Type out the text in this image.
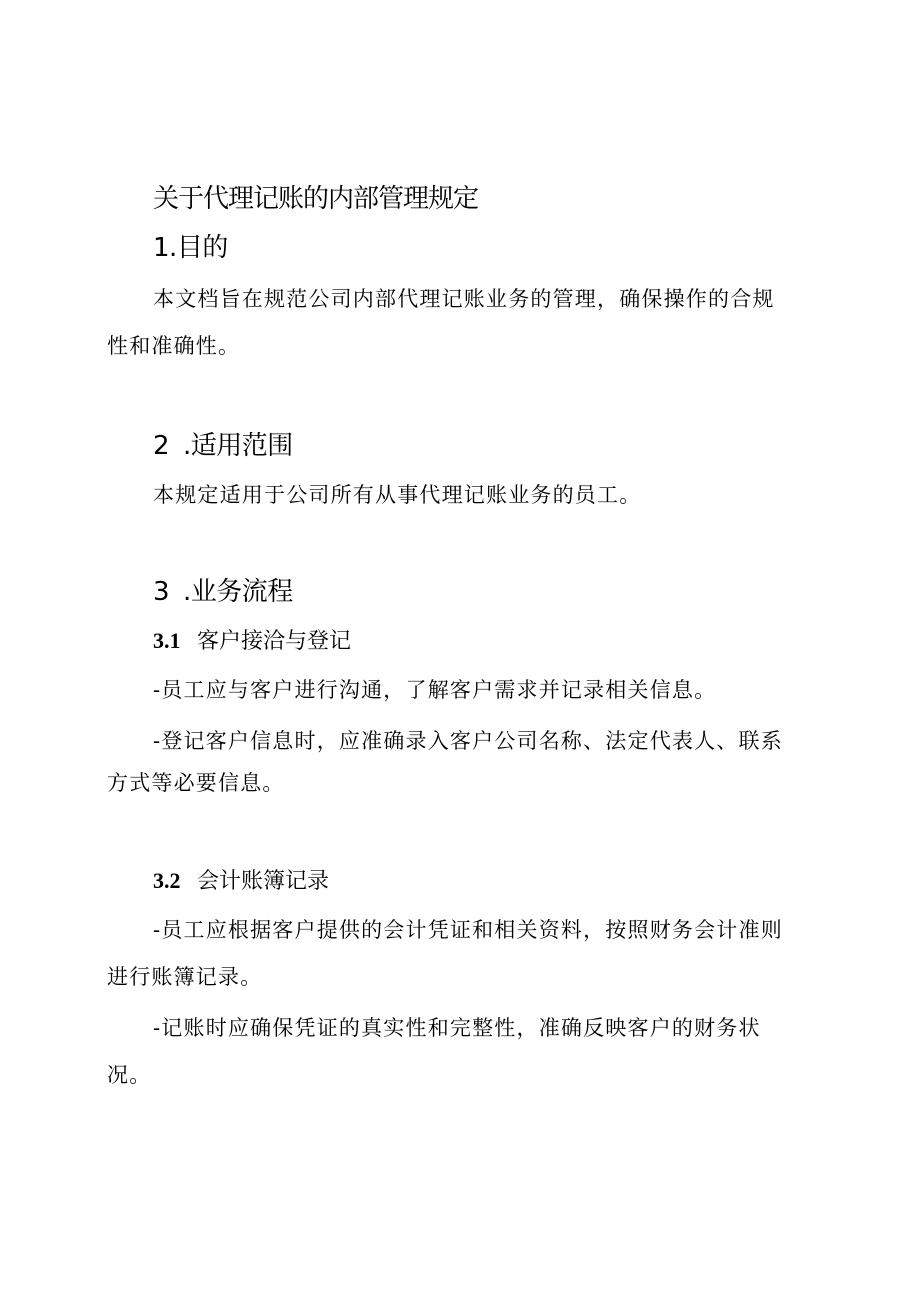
关于代理记账的内部管理规定
1.目的
本文档旨在规范公司内部代理记账业务的管理，确保操作的合规
性和准确性。
2 .适用范围
本规定适用于公司所有从事代理记账业务的员工。
3 .业务流程
3.1 客户接洽与登记
-员工应与客户进行沟通，了解客户需求并记录相关信息。
-登记客户信息时，应准确录入客户公司名称、法定代表人、联系
方式等必要信息。
3.2 会计账簿记录
-员工应根据客户提供的会计凭证和相关资料，按照财务会计准则
进行账簿记录。
-记账时应确保凭证的真实性和完整性，准确反映客户的财务状
况。
